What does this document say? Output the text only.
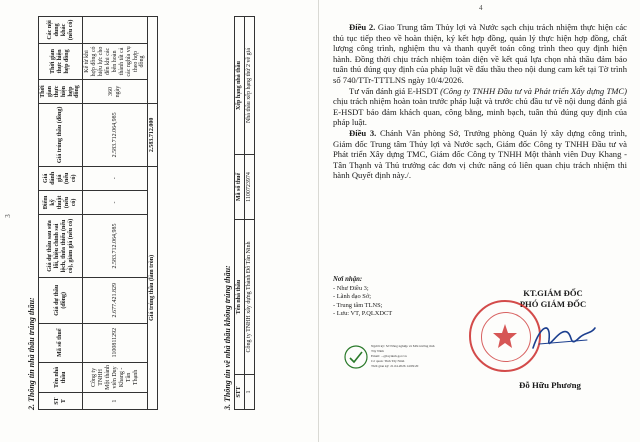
3
2. Thông tin nhà thầu trúng thầu:	ST T	Tên nhà thầu	Mã số thuế	Giá dự thầu (đồng)	Giá dự thầu sau sửa lỗi, hiệu chỉnh sai lệch, thừa thiếu (nếu có), giảm giá (nếu có)	Điểm kỹ thuật (nếu có)	Giá đánh giá (nếu có)	Giá trúng thầu (đồng)	Thời gian thực hiện hợp đồng	Thời gian thực hiện hợp đồng	Các nội dung khác (nếu có)
1	Công ty TNHH Một thành viên Duy Khang - Tân Thạnh	1100811292	2.677.421.829	2.583.712.064,985	-	-	2.583.712.064,985	360 ngày	Kể từ khi hợp đồng có hiệu lực cho đến khi các bên hoàn thành tất cả các nghĩa vụ theo hợp đồng	
Giá trúng thầu (làm tròn)							2.583.712.000			
3. Thông tin về nhà thầu không trúng thầu: STT	Tên nhà thầu	Mã số thuế	Xếp hạng nhà thầu
1	Công ty TNHH xây dựng Thành Đô Tân Ninh	1100723974	Nhà thầu xếp hạng thứ 2 về giá
4

Điều 2. Giao Trung tâm Thủy lợi và Nước sạch chịu trách nhiệm thực hiện các thủ tục tiếp theo về hoàn thiện, ký kết hợp đồng, quản lý thực hiện hợp đồng, chất lượng công trình, nghiệm thu và thanh quyết toán công trình theo quy định hiện hành. Đồng thời chịu trách nhiệm toàn diện về kết quả lựa chọn nhà thầu đảm bảo tuân thủ đúng quy định của pháp luật về đấu thầu theo nội dung cam kết tại Tờ trình số 740/TTr-TTTLNS ngày 10/4/2026.

Tư vấn đánh giá E-HSDT (Công ty TNHH Đầu tư và Phát triển Xây dựng TMC) chịu trách nhiệm hoàn toàn trước pháp luật và trước chủ đầu tư về nội dung đánh giá E-HSDT bảo đảm khách quan, công bằng, minh bạch, tuân thủ đúng quy định của pháp luật.

Điều 3. Chánh Văn phòng Sở, Trưởng phòng Quản lý xây dựng công trình, Giám đốc Trung tâm Thủy lợi và Nước sạch, Giám đốc Công ty TNHH Đầu tư và Phát triển Xây dựng TMC, Giám đốc Công ty TNHH Một thành viên Duy Khang - Tân Thạnh và Thủ trưởng các đơn vị chức năng có liên quan chịu trách nhiệm thi hành Quyết định này./.

Nơi nhận:
- Như Điều 3;
- Lãnh đạo Sở;
- Trung tâm TLNS;
- Lưu: VT, P.QLXDCT
Người ký: Sở Nông nghiệp và Môi trường tỉnh
Tây Ninh
Email: ...@tayninh.gov.vn
Cơ quan: Tỉnh Tây Ninh
Thời gian ký: 21.04.2026 14:09:20
KT.GIÁM ĐỐC
PHÓ GIÁM ĐỐC
Đỗ Hữu Phương
